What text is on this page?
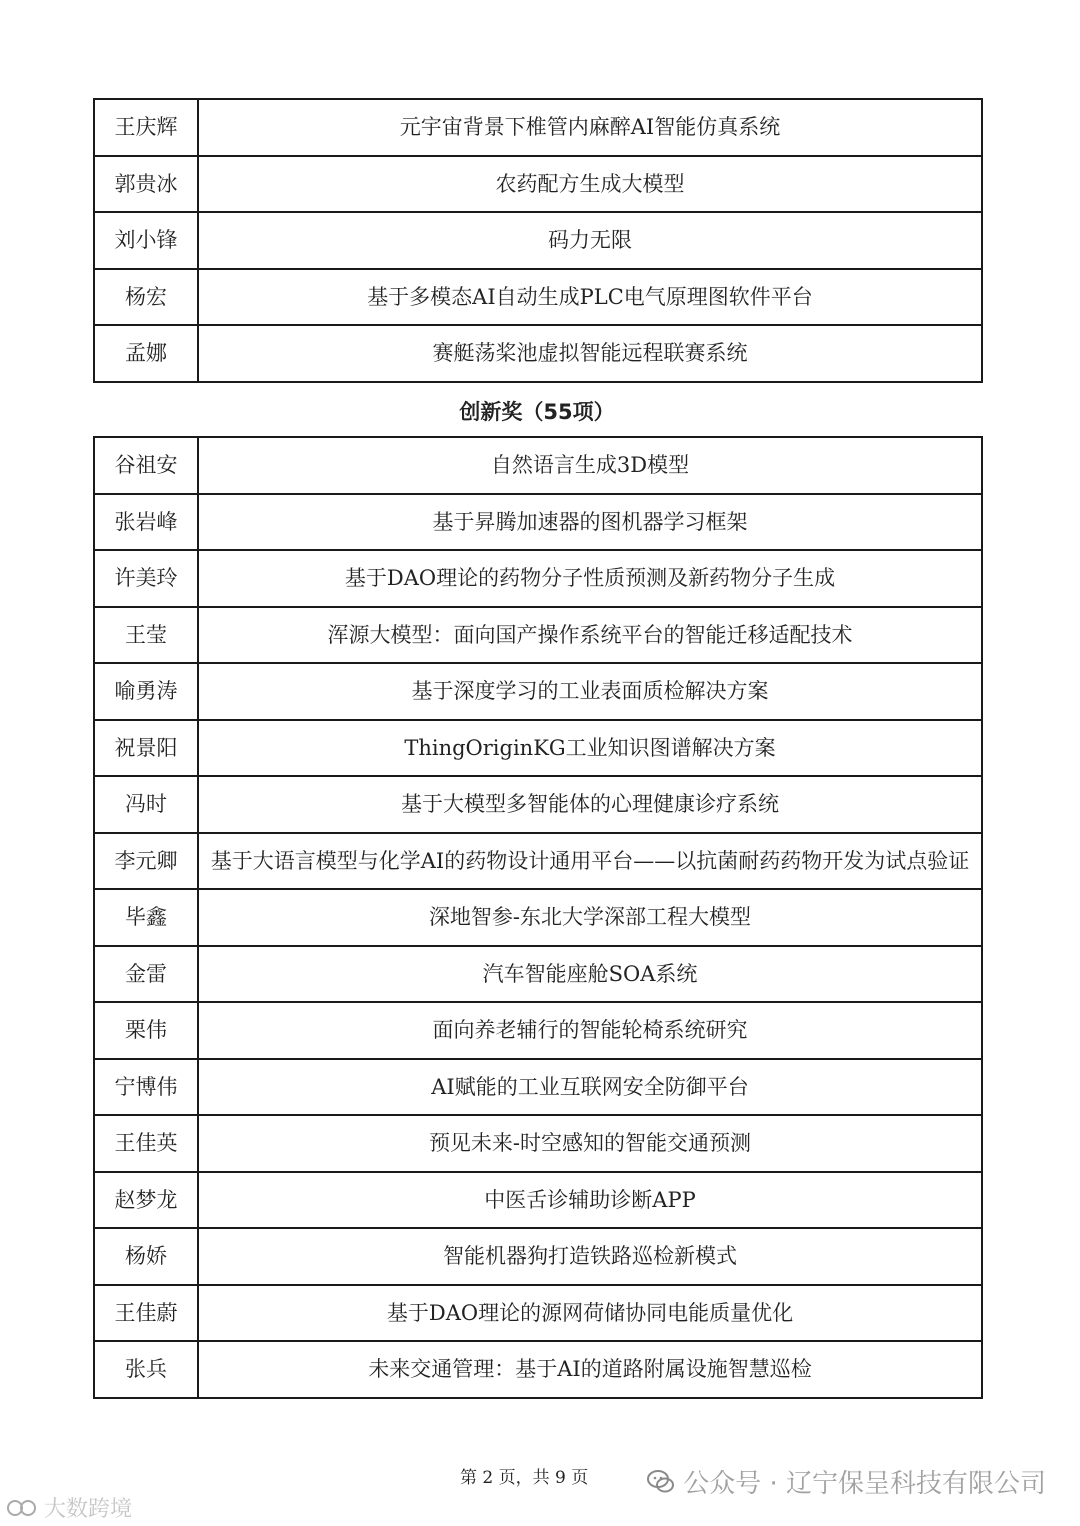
王庆辉	元宇宙背景下椎管内麻醉AI智能仿真系统
郭贵冰	农药配方生成大模型
刘小锋	码力无限
杨宏	基于多模态AI自动生成PLC电气原理图软件平台
孟娜	赛艇荡桨池虚拟智能远程联赛系统
创新奖（55项）
谷祖安	自然语言生成3D模型
张岩峰	基于昇腾加速器的图机器学习框架
许美玲	基于DAO理论的药物分子性质预测及新药物分子生成
王莹	浑源大模型：面向国产操作系统平台的智能迁移适配技术
喻勇涛	基于深度学习的工业表面质检解决方案
祝景阳	ThingOriginKG工业知识图谱解决方案
冯时	基于大模型多智能体的心理健康诊疗系统
李元卿	基于大语言模型与化学AI的药物设计通用平台——以抗菌耐药药物开发为试点验证
毕鑫	深地智参-东北大学深部工程大模型
金雷	汽车智能座舱SOA系统
栗伟	面向养老辅行的智能轮椅系统研究
宁博伟	AI赋能的工业互联网安全防御平台
王佳英	预见未来-时空感知的智能交通预测
赵梦龙	中医舌诊辅助诊断APP
杨娇	智能机器狗打造铁路巡检新模式
王佳蔚	基于DAO理论的源网荷储协同电能质量优化
张兵	未来交通管理：基于AI的道路附属设施智慧巡检
第 2 页，共 9 页	公众号 · 辽宁保呈科技有限公司
大数跨境
